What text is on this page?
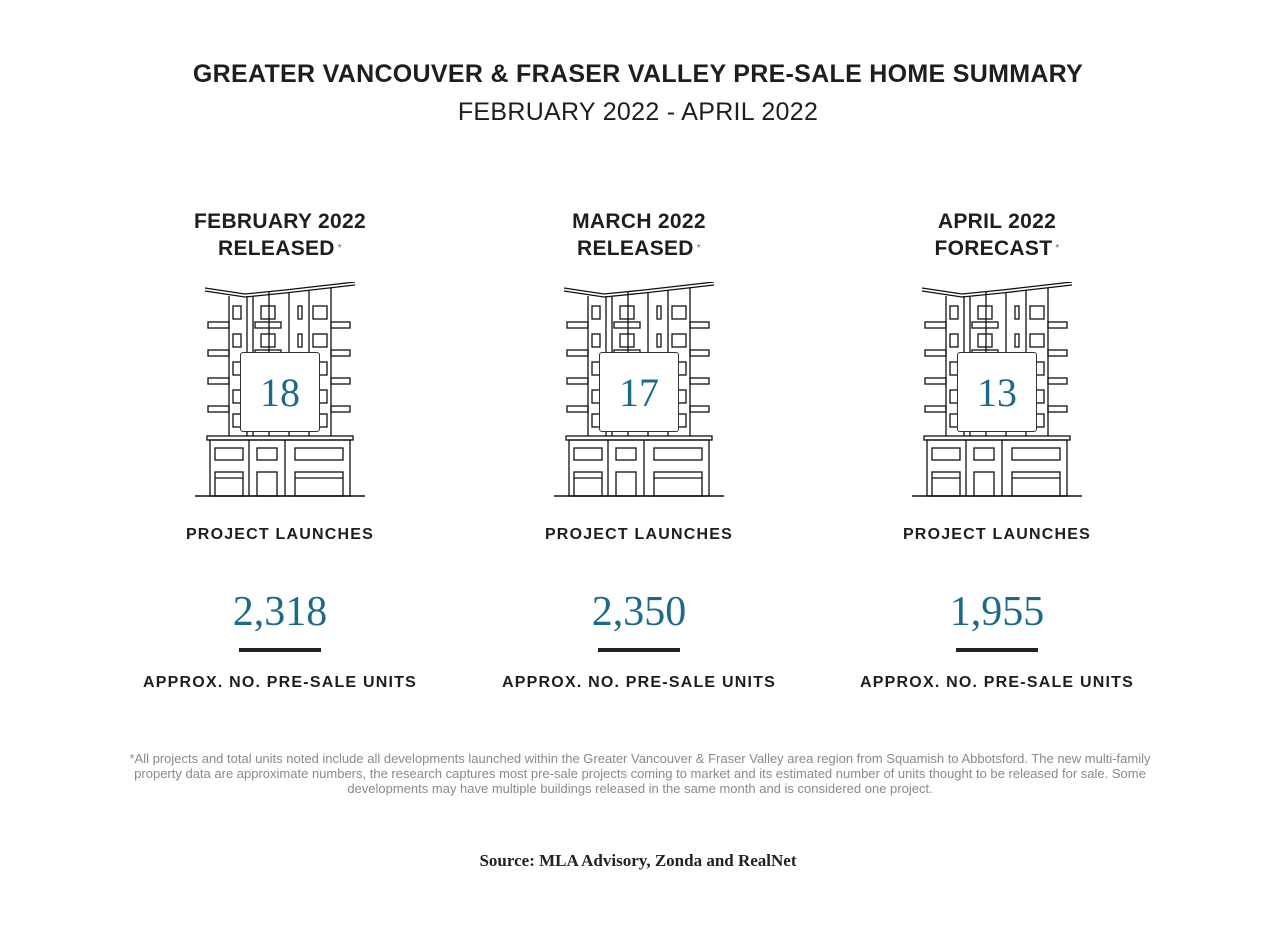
GREATER VANCOUVER & FRASER VALLEY PRE-SALE HOME SUMMARY
FEBRUARY 2022 - APRIL 2022
FEBRUARY 2022
RELEASED *
18
PROJECT LAUNCHES
2,318
APPROX. NO. PRE-SALE UNITS
MARCH 2022
RELEASED *
17
PROJECT LAUNCHES
2,350
APPROX. NO. PRE-SALE UNITS
APRIL 2022
FORECAST *
13
PROJECT LAUNCHES
1,955
APPROX. NO. PRE-SALE UNITS
*All projects and total units noted include all developments launched within the Greater Vancouver & Fraser Valley area region from Squamish to Abbotsford. The new multi-family property data are approximate numbers, the research captures most pre-sale projects coming to market and its estimated number of units thought to be released for sale. Some developments may have multiple buildings released in the same month and is considered one project.
Source: MLA Advisory, Zonda and RealNet
